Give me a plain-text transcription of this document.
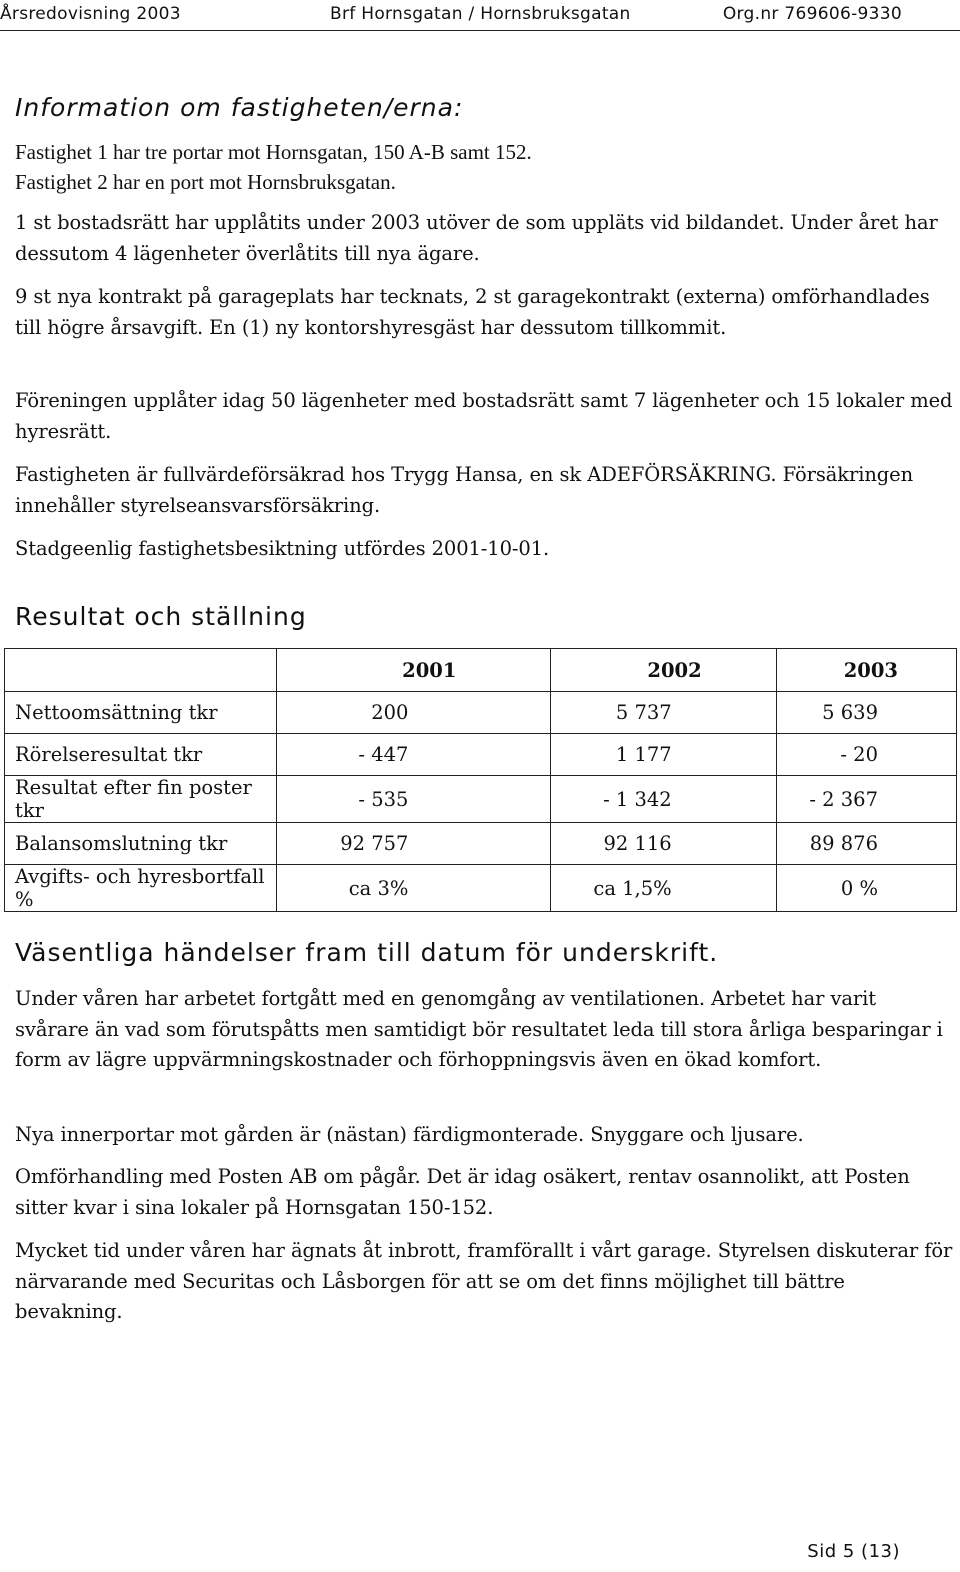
Årsredovisning 2003	Brf Hornsgatan / Hornsbruksgatan	Org.nr 769606-9330
Information om fastigheten/erna:
Fastighet 1 har tre portar mot Hornsgatan, 150 A-B samt 152.
Fastighet 2 har en port mot Hornsbruksgatan.
1 st bostadsrätt har upplåtits under 2003 utöver de som uppläts vid bildandet. Under året har dessutom 4 lägenheter överlåtits till nya ägare.
9 st nya kontrakt på garageplats har tecknats, 2 st garagekontrakt (externa) omförhandlades till högre årsavgift. En (1) ny kontorshyresgäst har dessutom tillkommit.
Föreningen upplåter idag 50 lägenheter med bostadsrätt samt 7 lägenheter och 15 lokaler med hyresrätt.
Fastigheten är fullvärdeförsäkrad hos Trygg Hansa, en sk ADEFÖRSÄKRING. Försäkringen innehåller styrelseansvarsförsäkring.
Stadgeenlig fastighetsbesiktning utfördes 2001-10-01.
Resultat och ställning
	2001	2002	2003
Nettoomsättning tkr	200	5 737	5 639
Rörelseresultat tkr	- 447	1 177	- 20
Resultat efter fin poster tkr	- 535	- 1 342	- 2 367
Balansomslutning tkr	92 757	92 116	89 876
Avgifts- och hyresbortfall %	ca 3%	ca 1,5%	0 %
Väsentliga händelser fram till datum för underskrift.
Under våren har arbetet fortgått med en genomgång av ventilationen. Arbetet har varit svårare än vad som förutspåtts men samtidigt bör resultatet leda till stora årliga besparingar i form av lägre uppvärmningskostnader och förhoppningsvis även en ökad komfort.
Nya innerportar mot gården är (nästan) färdigmonterade. Snyggare och ljusare.
Omförhandling med Posten AB om pågår. Det är idag osäkert, rentav osannolikt, att Posten sitter kvar i sina lokaler på Hornsgatan 150-152.
Mycket tid under våren har ägnats åt inbrott, framförallt i vårt garage. Styrelsen diskuterar för närvarande med Securitas och Låsborgen för att se om det finns möjlighet till bättre bevakning.
Sid 5 (13)
